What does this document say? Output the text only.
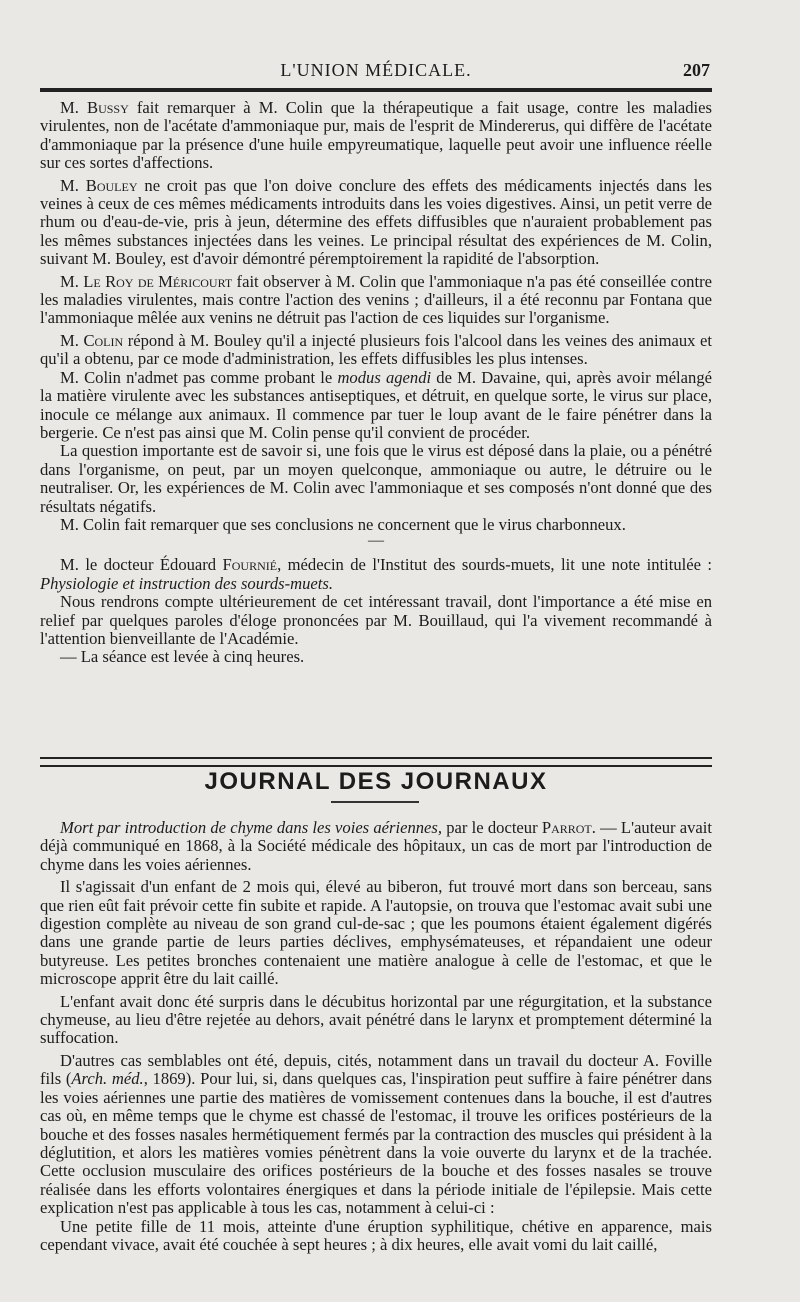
L'UNION MÉDICALE.	207

M. Bussy fait remarquer à M. Colin que la thérapeutique a fait usage, contre les maladies virulentes, non de l'acétate d'ammoniaque pur, mais de l'esprit de Mindererus, qui diffère de l'acétate d'ammoniaque par la présence d'une huile empyreumatique, laquelle peut avoir une influence réelle sur ces sortes d'affections.

M. Bouley ne croit pas que l'on doive conclure des effets des médicaments injectés dans les veines à ceux de ces mêmes médicaments introduits dans les voies digestives. Ainsi, un petit verre de rhum ou d'eau-de-vie, pris à jeun, détermine des effets diffusibles que n'auraient probablement pas les mêmes substances injectées dans les veines. Le principal résultat des expériences de M. Colin, suivant M. Bouley, est d'avoir démontré péremptoirement la rapidité de l'absorption.

M. Le Roy de Méricourt fait observer à M. Colin que l'ammoniaque n'a pas été conseillée contre les maladies virulentes, mais contre l'action des venins ; d'ailleurs, il a été reconnu par Fontana que l'ammoniaque mêlée aux venins ne détruit pas l'action de ces liquides sur l'organisme.

M. Colin répond à M. Bouley qu'il a injecté plusieurs fois l'alcool dans les veines des animaux et qu'il a obtenu, par ce mode d'administration, les effets diffusibles les plus intenses.

M. Colin n'admet pas comme probant le modus agendi de M. Davaine, qui, après avoir mélangé la matière virulente avec les substances antiseptiques, et détruit, en quelque sorte, le virus sur place, inocule ce mélange aux animaux. Il commence par tuer le loup avant de le faire pénétrer dans la bergerie. Ce n'est pas ainsi que M. Colin pense qu'il convient de procéder.

La question importante est de savoir si, une fois que le virus est déposé dans la plaie, ou a pénétré dans l'organisme, on peut, par un moyen quelconque, ammoniaque ou autre, le détruire ou le neutraliser. Or, les expériences de M. Colin avec l'ammoniaque et ses composés n'ont donné que des résultats négatifs.

M. Colin fait remarquer que ses conclusions ne concernent que le virus charbonneux.

—

M. le docteur Édouard Fournié, médecin de l'Institut des sourds-muets, lit une note intitulée : Physiologie et instruction des sourds-muets.

Nous rendrons compte ultérieurement de cet intéressant travail, dont l'importance a été mise en relief par quelques paroles d'éloge prononcées par M. Bouillaud, qui l'a vivement recommandé à l'attention bienveillante de l'Académie.

— La séance est levée à cinq heures.

JOURNAL DES JOURNAUX

Mort par introduction de chyme dans les voies aériennes, par le docteur Parrot. — L'auteur avait déjà communiqué en 1868, à la Société médicale des hôpitaux, un cas de mort par l'introduction de chyme dans les voies aériennes.

Il s'agissait d'un enfant de 2 mois qui, élevé au biberon, fut trouvé mort dans son berceau, sans que rien eût fait prévoir cette fin subite et rapide. A l'autopsie, on trouva que l'estomac avait subi une digestion complète au niveau de son grand cul-de-sac ; que les poumons étaient également digérés dans une grande partie de leurs parties déclives, emphysémateuses, et répandaient une odeur butyreuse. Les petites bronches contenaient une matière analogue à celle de l'estomac, et que le microscope apprit être du lait caillé.

L'enfant avait donc été surpris dans le décubitus horizontal par une régurgitation, et la substance chymeuse, au lieu d'être rejetée au dehors, avait pénétré dans le larynx et promptement déterminé la suffocation.

D'autres cas semblables ont été, depuis, cités, notamment dans un travail du docteur A. Foville fils (Arch. méd., 1869). Pour lui, si, dans quelques cas, l'inspiration peut suffire à faire pénétrer dans les voies aériennes une partie des matières de vomissement contenues dans la bouche, il est d'autres cas où, en même temps que le chyme est chassé de l'estomac, il trouve les orifices postérieurs de la bouche et des fosses nasales hermétiquement fermés par la contraction des muscles qui président à la déglutition, et alors les matières vomies pénètrent dans la voie ouverte du larynx et de la trachée. Cette occlusion musculaire des orifices postérieurs de la bouche et des fosses nasales se trouve réalisée dans les efforts volontaires énergiques et dans la période initiale de l'épilepsie. Mais cette explication n'est pas applicable à tous les cas, notamment à celui-ci :

Une petite fille de 11 mois, atteinte d'une éruption syphilitique, chétive en apparence, mais cependant vivace, avait été couchée à sept heures ; à dix heures, elle avait vomi du lait caillé,
